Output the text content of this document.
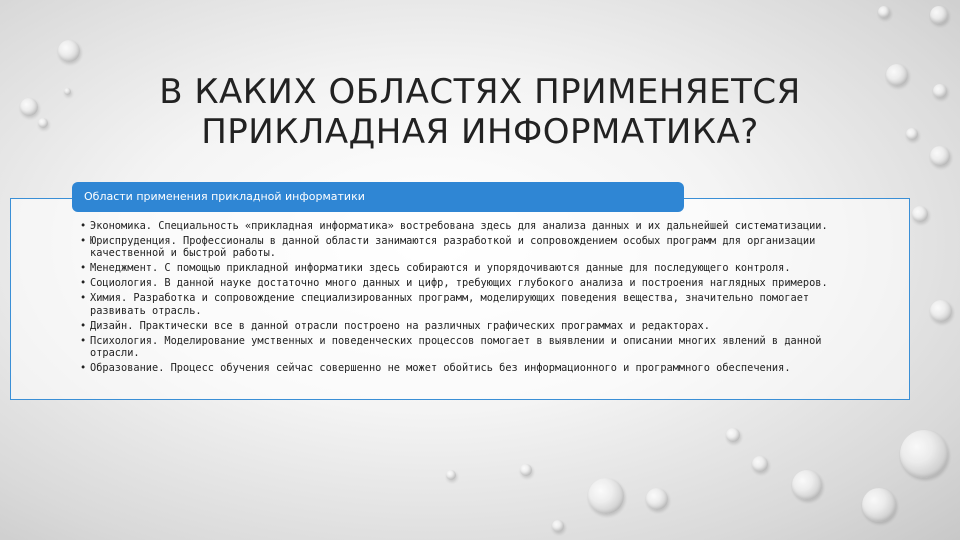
В КАКИХ ОБЛАСТЯХ ПРИМЕНЯЕТСЯ ПРИКЛАДНАЯ ИНФОРМАТИКА?
Области применения прикладной информатики
• Экономика. Специальность «прикладная информатика» востребована здесь для анализа данных и их дальнейшей систематизации.
• Юриспруденция. Профессионалы в данной области занимаются разработкой и сопровождением особых программ для организации качественной и быстрой работы.
• Менеджмент. С помощью прикладной информатики здесь собираются и упорядочиваются данные для последующего контроля.
• Социология. В данной науке достаточно много данных и цифр, требующих глубокого анализа и построения наглядных примеров.
• Химия. Разработка и сопровождение специализированных программ, моделирующих поведения вещества, значительно помогает развивать отрасль.
• Дизайн. Практически все в данной отрасли построено на различных графических программах и редакторах.
• Психология. Моделирование умственных и поведенческих процессов помогает в выявлении и описании многих явлений в данной отрасли.
• Образование. Процесс обучения сейчас совершенно не может обойтись без информационного и программного обеспечения.
